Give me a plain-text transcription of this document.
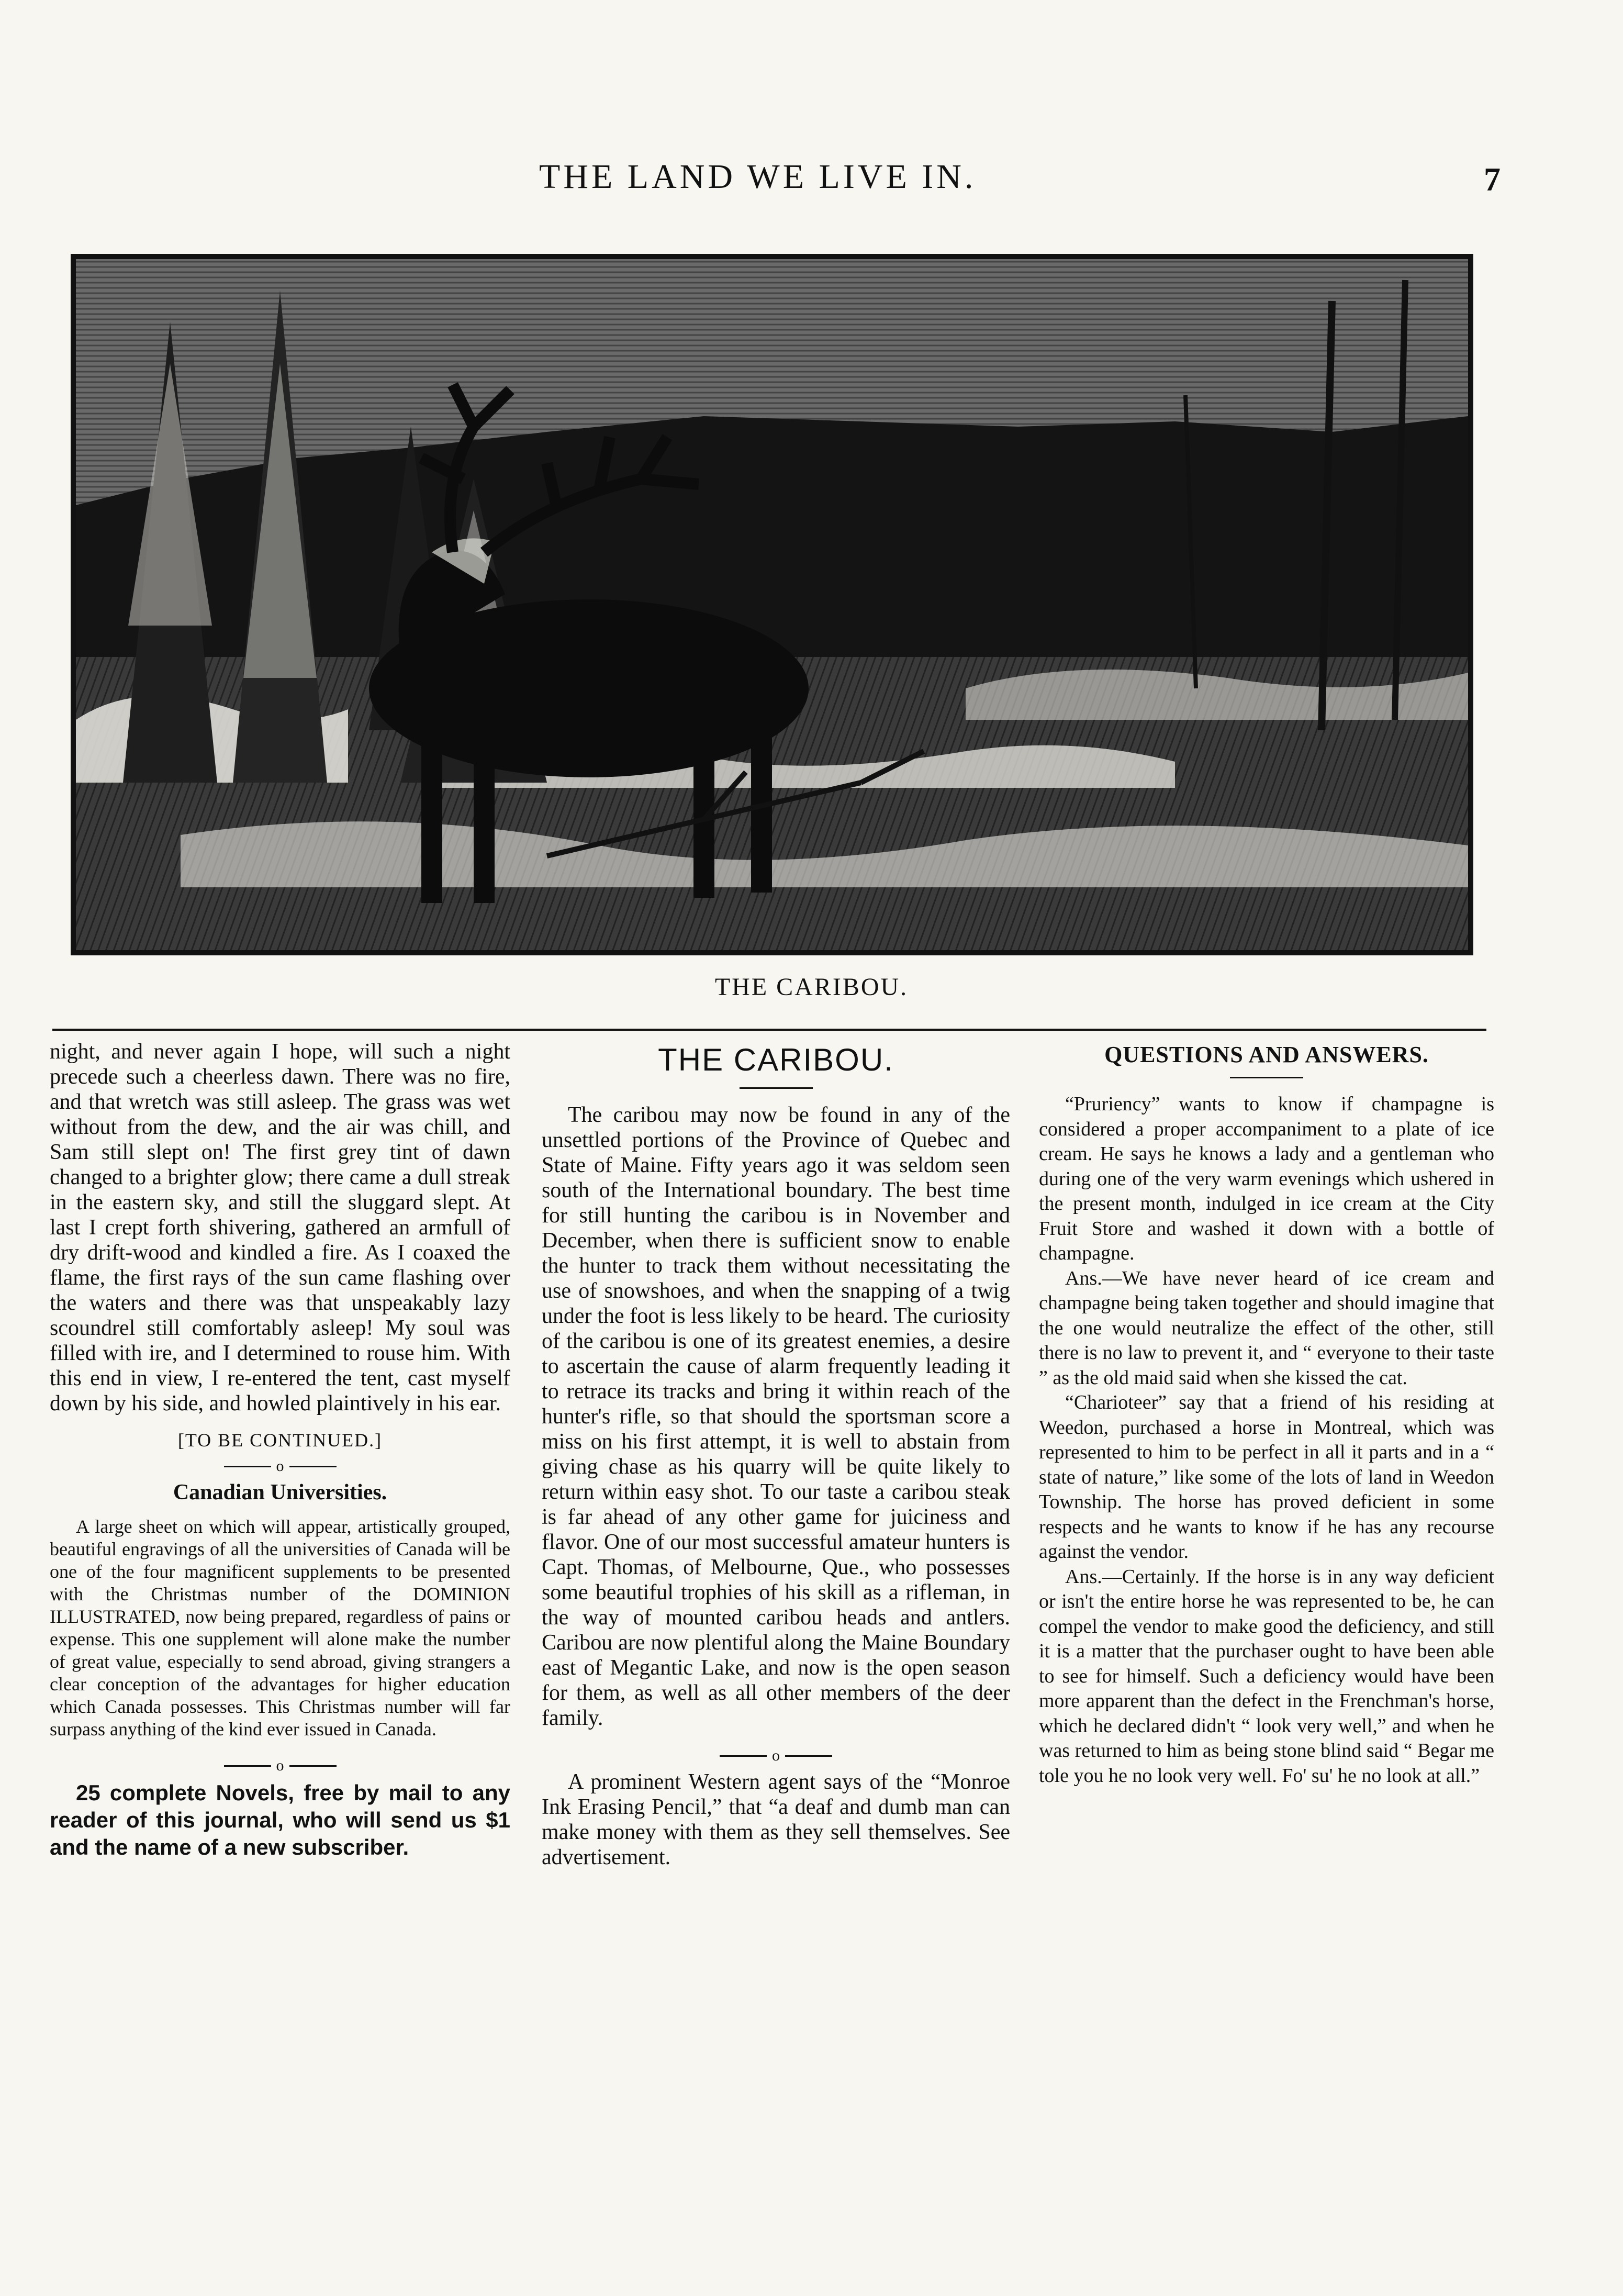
THE LAND WE LIVE IN.	7
THE CARIBOU.

night, and never again I hope, will such a night precede such a cheerless dawn. There was no fire, and that wretch was still asleep. The grass was wet without from the dew, and the air was chill, and Sam still slept on! The first grey tint of dawn changed to a brighter glow; there came a dull streak in the eastern sky, and still the sluggard slept. At last I crept forth shivering, gathered an armfull of dry drift-wood and kindled a fire. As I coaxed the flame, the first rays of the sun came flashing over the waters and there was that unspeakably lazy scoundrel still comfortably asleep! My soul was filled with ire, and I determined to rouse him. With this end in view, I re-entered the tent, cast myself down by his side, and howled plaintively in his ear.

[TO BE CONTINUED.]
o
Canadian Universities.

A large sheet on which will appear, artistically grouped, beautiful engravings of all the universities of Canada will be one of the four magnificent supplements to be presented with the Christmas number of the DOMINION ILLUSTRATED, now being prepared, regardless of pains or expense. This one supplement will alone make the number of great value, especially to send abroad, giving strangers a clear conception of the advantages for higher education which Canada possesses. This Christmas number will far surpass anything of the kind ever issued in Canada.

o

25 complete Novels, free by mail to any reader of this journal, who will send us $1 and the name of a new subscriber.

THE CARIBOU.

The caribou may now be found in any of the unsettled portions of the Province of Quebec and State of Maine. Fifty years ago it was seldom seen south of the International boundary. The best time for still hunting the caribou is in November and December, when there is sufficient snow to enable the hunter to track them without necessitating the use of snowshoes, and when the snapping of a twig under the foot is less likely to be heard. The curiosity of the caribou is one of its greatest enemies, a desire to ascertain the cause of alarm frequently leading it to retrace its tracks and bring it within reach of the hunter's rifle, so that should the sportsman score a miss on his first attempt, it is well to abstain from giving chase as his quarry will be quite likely to return within easy shot. To our taste a caribou steak is far ahead of any other game for juiciness and flavor. One of our most successful amateur hunters is Capt. Thomas, of Melbourne, Que., who possesses some beautiful trophies of his skill as a rifleman, in the way of mounted caribou heads and antlers. Caribou are now plentiful along the Maine Boundary east of Megantic Lake, and now is the open season for them, as well as all other members of the deer family.

o

A prominent Western agent says of the “Monroe Ink Erasing Pencil,” that “a deaf and dumb man can make money with them as they sell themselves. See advertisement.

QUESTIONS AND ANSWERS.

“Pruriency” wants to know if champagne is considered a proper accompaniment to a plate of ice cream. He says he knows a lady and a gentleman who during one of the very warm evenings which ushered in the present month, indulged in ice cream at the City Fruit Store and washed it down with a bottle of champagne.

Ans.—We have never heard of ice cream and champagne being taken together and should imagine that the one would neutralize the effect of the other, still there is no law to prevent it, and “ everyone to their taste ” as the old maid said when she kissed the cat.

“Charioteer” say that a friend of his residing at Weedon, purchased a horse in Montreal, which was represented to him to be perfect in all it parts and in a “ state of nature,” like some of the lots of land in Weedon Township. The horse has proved deficient in some respects and he wants to know if he has any recourse against the vendor.

Ans.—Certainly. If the horse is in any way deficient or isn't the entire horse he was represented to be, he can compel the vendor to make good the deficiency, and still it is a matter that the purchaser ought to have been able to see for himself. Such a deficiency would have been more apparent than the defect in the Frenchman's horse, which he declared didn't “ look very well,” and when he was returned to him as being stone blind said “ Begar me tole you he no look very well. Fo' su' he no look at all.”
